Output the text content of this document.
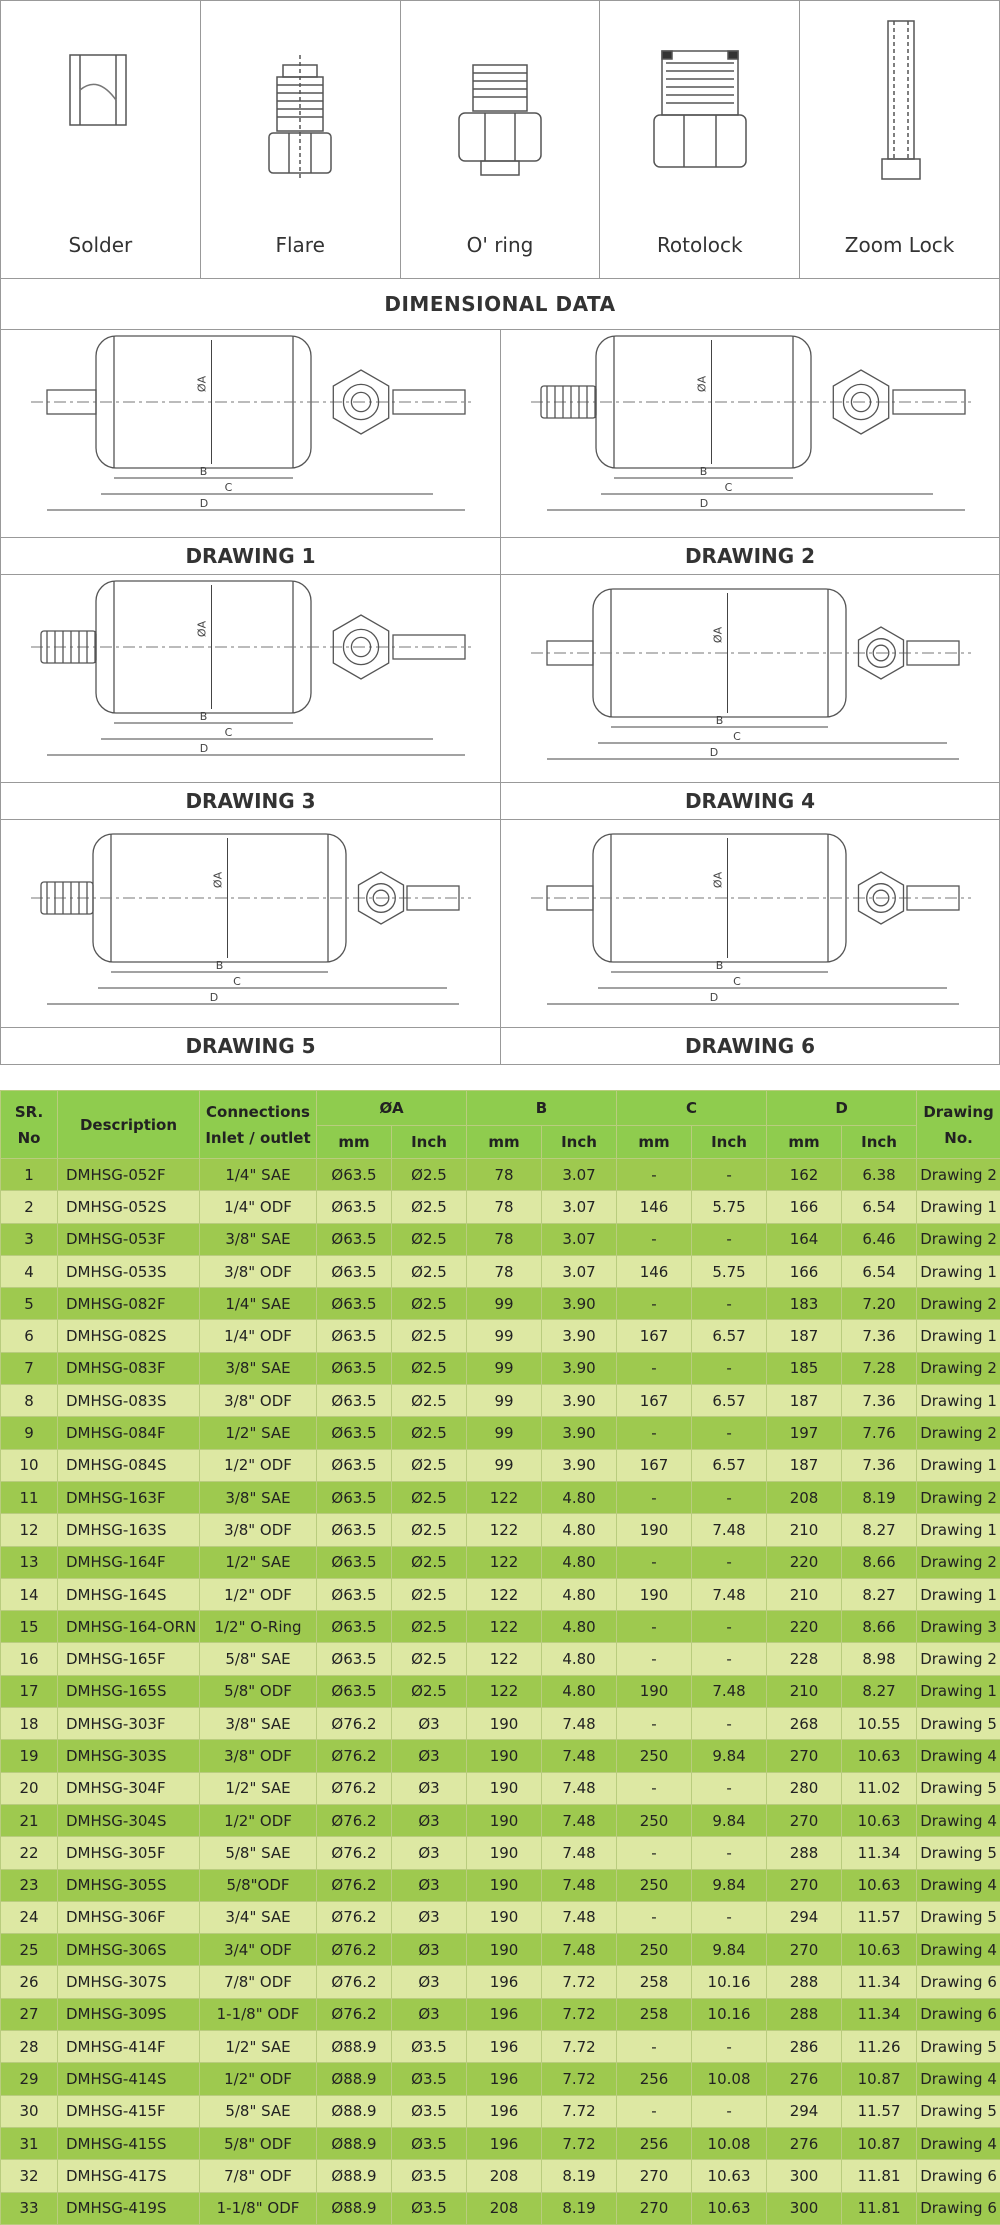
Solder	Flare	O' ring	Rotolock	Zoom Lock
DIMENSIONAL DATA
B
C
D
ØA
DRAWING 1
B
C
D
ØA
DRAWING 2
B
C
D
ØA
DRAWING 3
B
C
D
ØA
DRAWING 4
B
C
D
ØA
DRAWING 5
B
C
D
ØA
DRAWING 6
SR. No	Description	Connections Inlet / outlet	ØA		B		C		D		Drawing No.
			mm	Inch	mm	Inch	mm	Inch	mm	Inch	
1	DMHSG-052F	1/4" SAE	Ø63.5	Ø2.5	78	3.07	-	-	162	6.38	Drawing 2
2	DMHSG-052S	1/4" ODF	Ø63.5	Ø2.5	78	3.07	146	5.75	166	6.54	Drawing 1
3	DMHSG-053F	3/8" SAE	Ø63.5	Ø2.5	78	3.07	-	-	164	6.46	Drawing 2
4	DMHSG-053S	3/8" ODF	Ø63.5	Ø2.5	78	3.07	146	5.75	166	6.54	Drawing 1
5	DMHSG-082F	1/4" SAE	Ø63.5	Ø2.5	99	3.90	-	-	183	7.20	Drawing 2
6	DMHSG-082S	1/4" ODF	Ø63.5	Ø2.5	99	3.90	167	6.57	187	7.36	Drawing 1
7	DMHSG-083F	3/8" SAE	Ø63.5	Ø2.5	99	3.90	-	-	185	7.28	Drawing 2
8	DMHSG-083S	3/8" ODF	Ø63.5	Ø2.5	99	3.90	167	6.57	187	7.36	Drawing 1
9	DMHSG-084F	1/2" SAE	Ø63.5	Ø2.5	99	3.90	-	-	197	7.76	Drawing 2
10	DMHSG-084S	1/2" ODF	Ø63.5	Ø2.5	99	3.90	167	6.57	187	7.36	Drawing 1
11	DMHSG-163F	3/8" SAE	Ø63.5	Ø2.5	122	4.80	-	-	208	8.19	Drawing 2
12	DMHSG-163S	3/8" ODF	Ø63.5	Ø2.5	122	4.80	190	7.48	210	8.27	Drawing 1
13	DMHSG-164F	1/2" SAE	Ø63.5	Ø2.5	122	4.80	-	-	220	8.66	Drawing 2
14	DMHSG-164S	1/2" ODF	Ø63.5	Ø2.5	122	4.80	190	7.48	210	8.27	Drawing 1
15	DMHSG-164-ORN	1/2" O-Ring	Ø63.5	Ø2.5	122	4.80	-	-	220	8.66	Drawing 3
16	DMHSG-165F	5/8" SAE	Ø63.5	Ø2.5	122	4.80	-	-	228	8.98	Drawing 2
17	DMHSG-165S	5/8" ODF	Ø63.5	Ø2.5	122	4.80	190	7.48	210	8.27	Drawing 1
18	DMHSG-303F	3/8" SAE	Ø76.2	Ø3	190	7.48	-	-	268	10.55	Drawing 5
19	DMHSG-303S	3/8" ODF	Ø76.2	Ø3	190	7.48	250	9.84	270	10.63	Drawing 4
20	DMHSG-304F	1/2" SAE	Ø76.2	Ø3	190	7.48	-	-	280	11.02	Drawing 5
21	DMHSG-304S	1/2" ODF	Ø76.2	Ø3	190	7.48	250	9.84	270	10.63	Drawing 4
22	DMHSG-305F	5/8" SAE	Ø76.2	Ø3	190	7.48	-	-	288	11.34	Drawing 5
23	DMHSG-305S	5/8"ODF	Ø76.2	Ø3	190	7.48	250	9.84	270	10.63	Drawing 4
24	DMHSG-306F	3/4" SAE	Ø76.2	Ø3	190	7.48	-	-	294	11.57	Drawing 5
25	DMHSG-306S	3/4" ODF	Ø76.2	Ø3	190	7.48	250	9.84	270	10.63	Drawing 4
26	DMHSG-307S	7/8" ODF	Ø76.2	Ø3	196	7.72	258	10.16	288	11.34	Drawing 6
27	DMHSG-309S	1-1/8" ODF	Ø76.2	Ø3	196	7.72	258	10.16	288	11.34	Drawing 6
28	DMHSG-414F	1/2" SAE	Ø88.9	Ø3.5	196	7.72	-	-	286	11.26	Drawing 5
29	DMHSG-414S	1/2" ODF	Ø88.9	Ø3.5	196	7.72	256	10.08	276	10.87	Drawing 4
30	DMHSG-415F	5/8" SAE	Ø88.9	Ø3.5	196	7.72	-	-	294	11.57	Drawing 5
31	DMHSG-415S	5/8" ODF	Ø88.9	Ø3.5	196	7.72	256	10.08	276	10.87	Drawing 4
32	DMHSG-417S	7/8" ODF	Ø88.9	Ø3.5	208	8.19	270	10.63	300	11.81	Drawing 6
33	DMHSG-419S	1-1/8" ODF	Ø88.9	Ø3.5	208	8.19	270	10.63	300	11.81	Drawing 6
